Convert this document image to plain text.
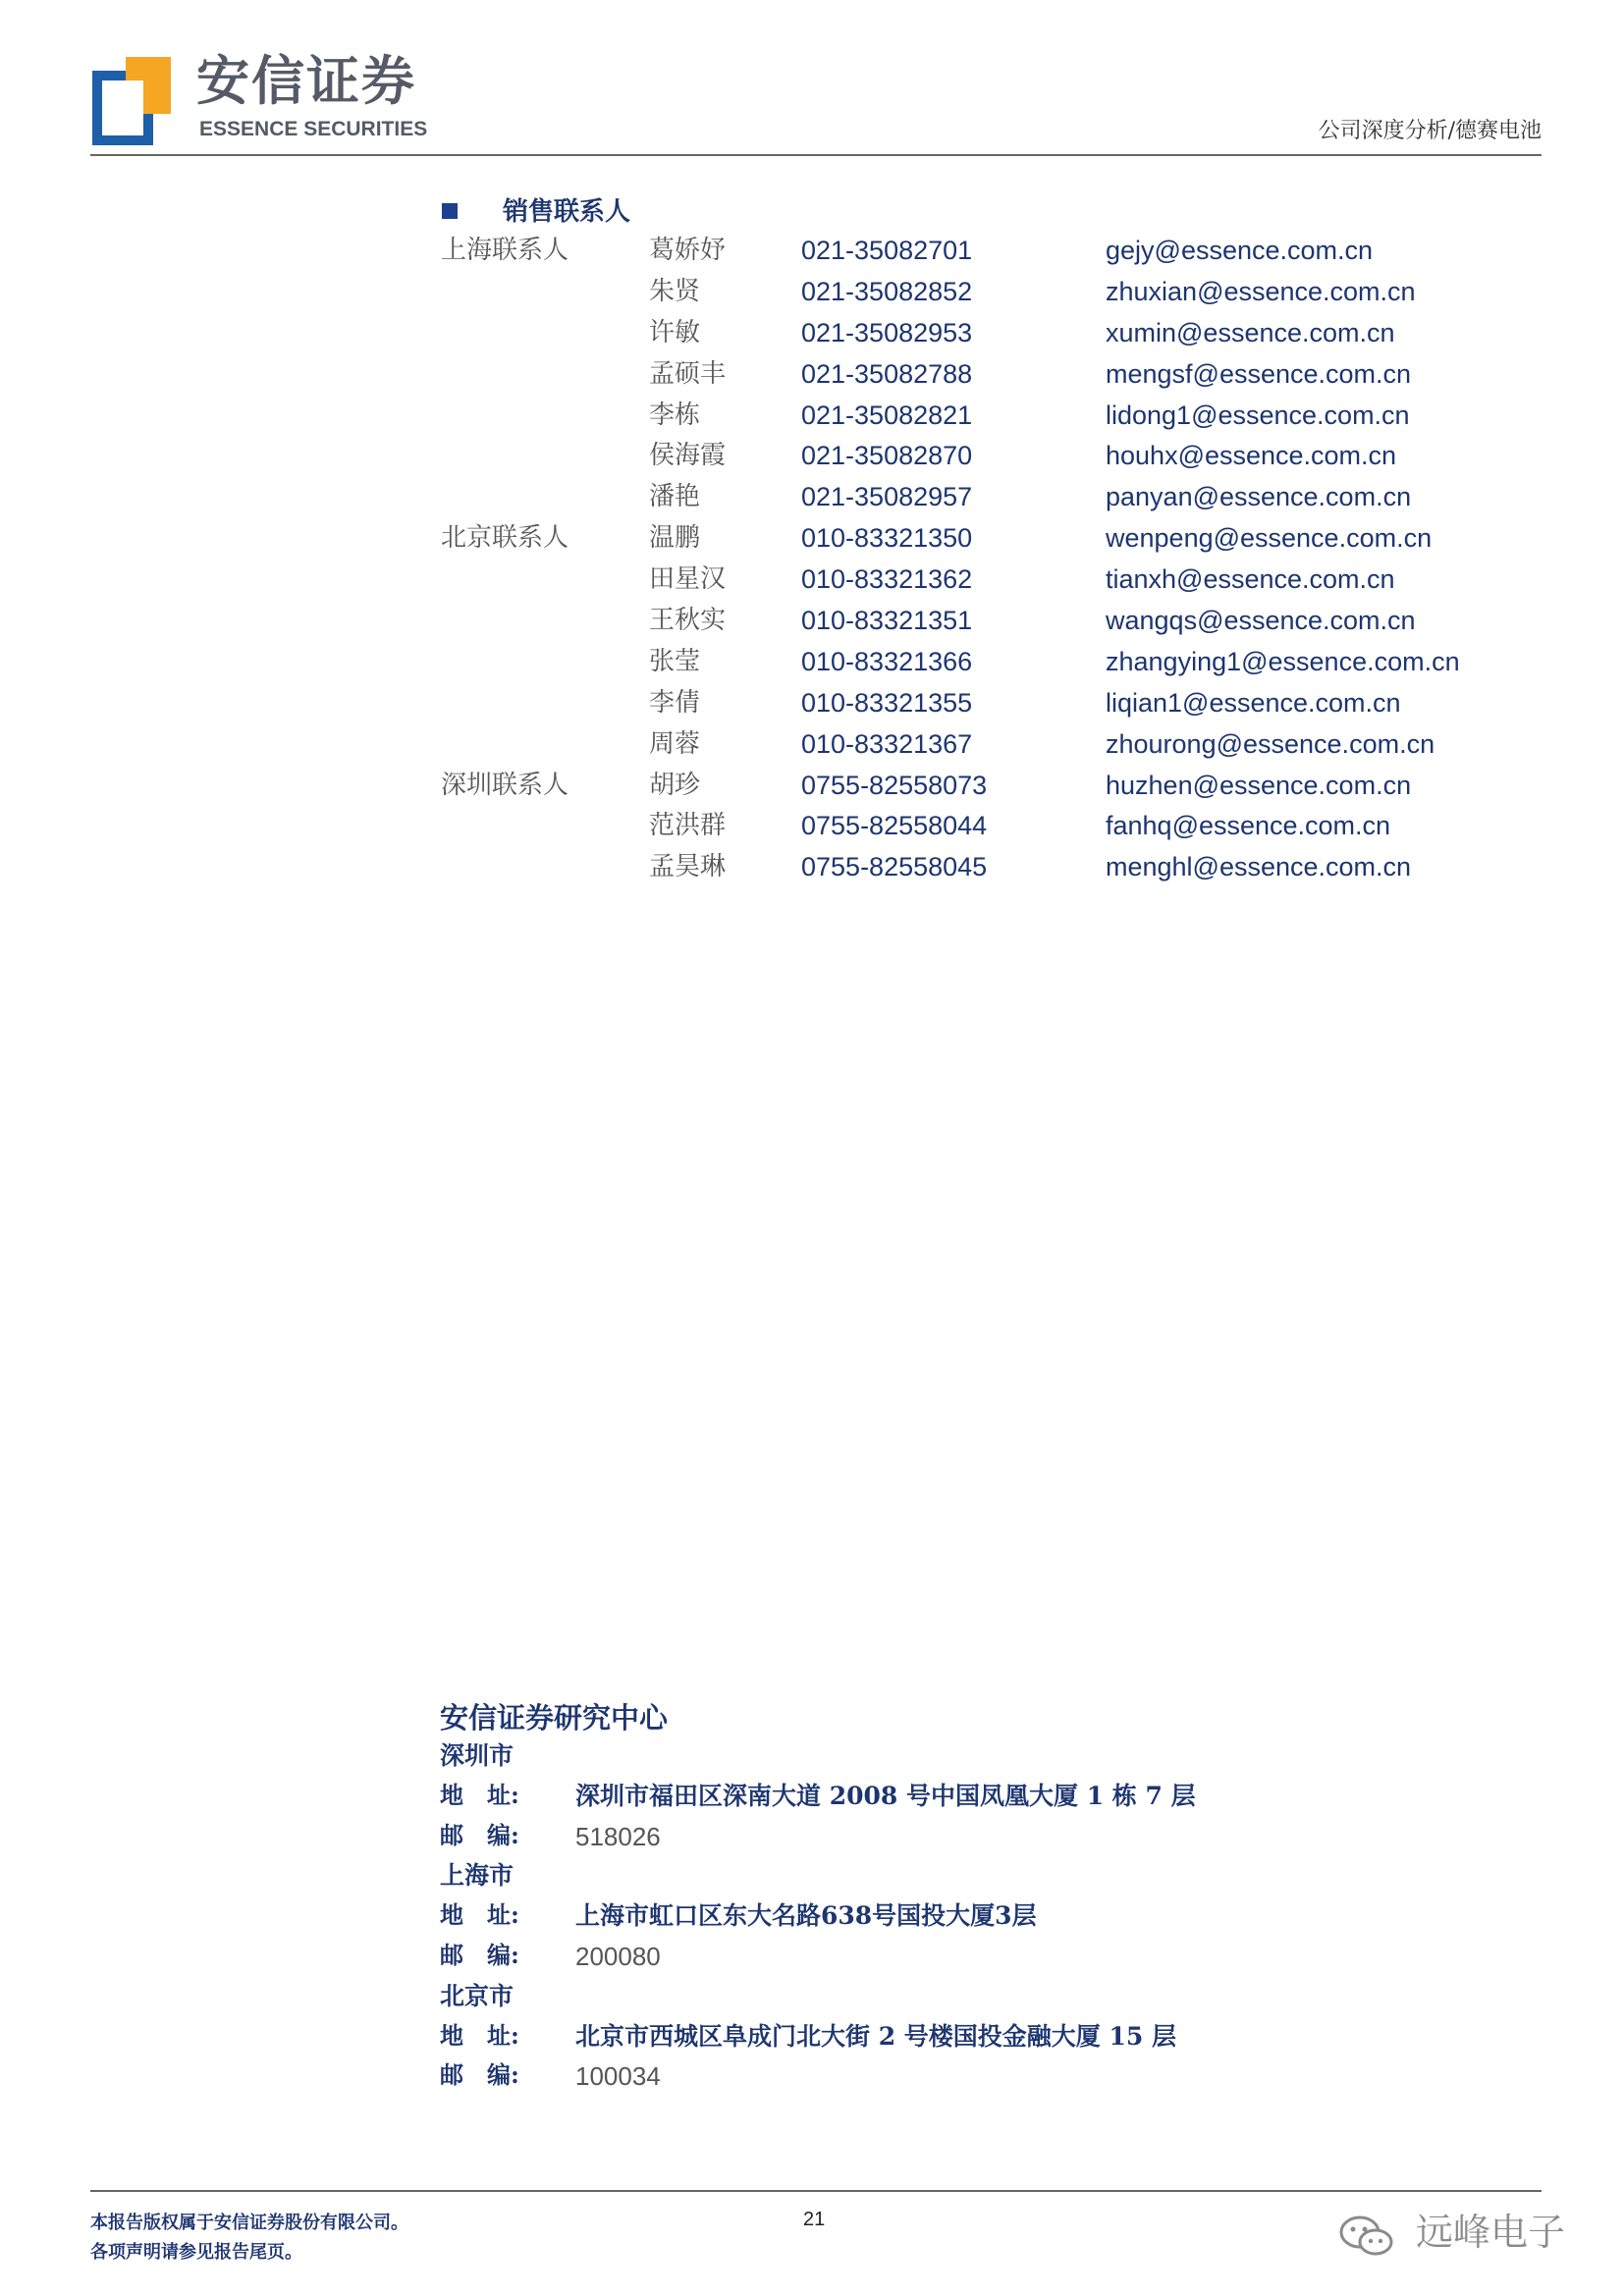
安信证券
ESSENCE SECURITIES	公司深度分析/德赛电池
销售联系人
上海联系人	葛娇妤	021-35082701	gejy@essence.com.cn
朱贤	021-35082852	zhuxian@essence.com.cn
许敏	021-35082953	xumin@essence.com.cn
孟硕丰	021-35082788	mengsf@essence.com.cn
李栋	021-35082821	lidong1@essence.com.cn
侯海霞	021-35082870	houhx@essence.com.cn
潘艳	021-35082957	panyan@essence.com.cn
北京联系人	温鹏	010-83321350	wenpeng@essence.com.cn
田星汉	010-83321362	tianxh@essence.com.cn
王秋实	010-83321351	wangqs@essence.com.cn
张莹	010-83321366	zhangying1@essence.com.cn
李倩	010-83321355	liqian1@essence.com.cn
周蓉	010-83321367	zhourong@essence.com.cn
深圳联系人	胡珍	0755-82558073	huzhen@essence.com.cn
范洪群	0755-82558044	fanhq@essence.com.cn
孟昊琳	0755-82558045	menghl@essence.com.cn
安信证券研究中心
深圳市
地　址: 深圳市福田区深南大道 2008 号中国凤凰大厦 1 栋 7 层
邮　编: 518026
上海市
地　址: 上海市虹口区东大名路638号国投大厦3层
邮　编: 200080
北京市
地　址: 北京市西城区阜成门北大街 2 号楼国投金融大厦 15 层
邮　编: 100034
本报告版权属于安信证券股份有限公司。
各项声明请参见报告尾页。
21	远峰电子
